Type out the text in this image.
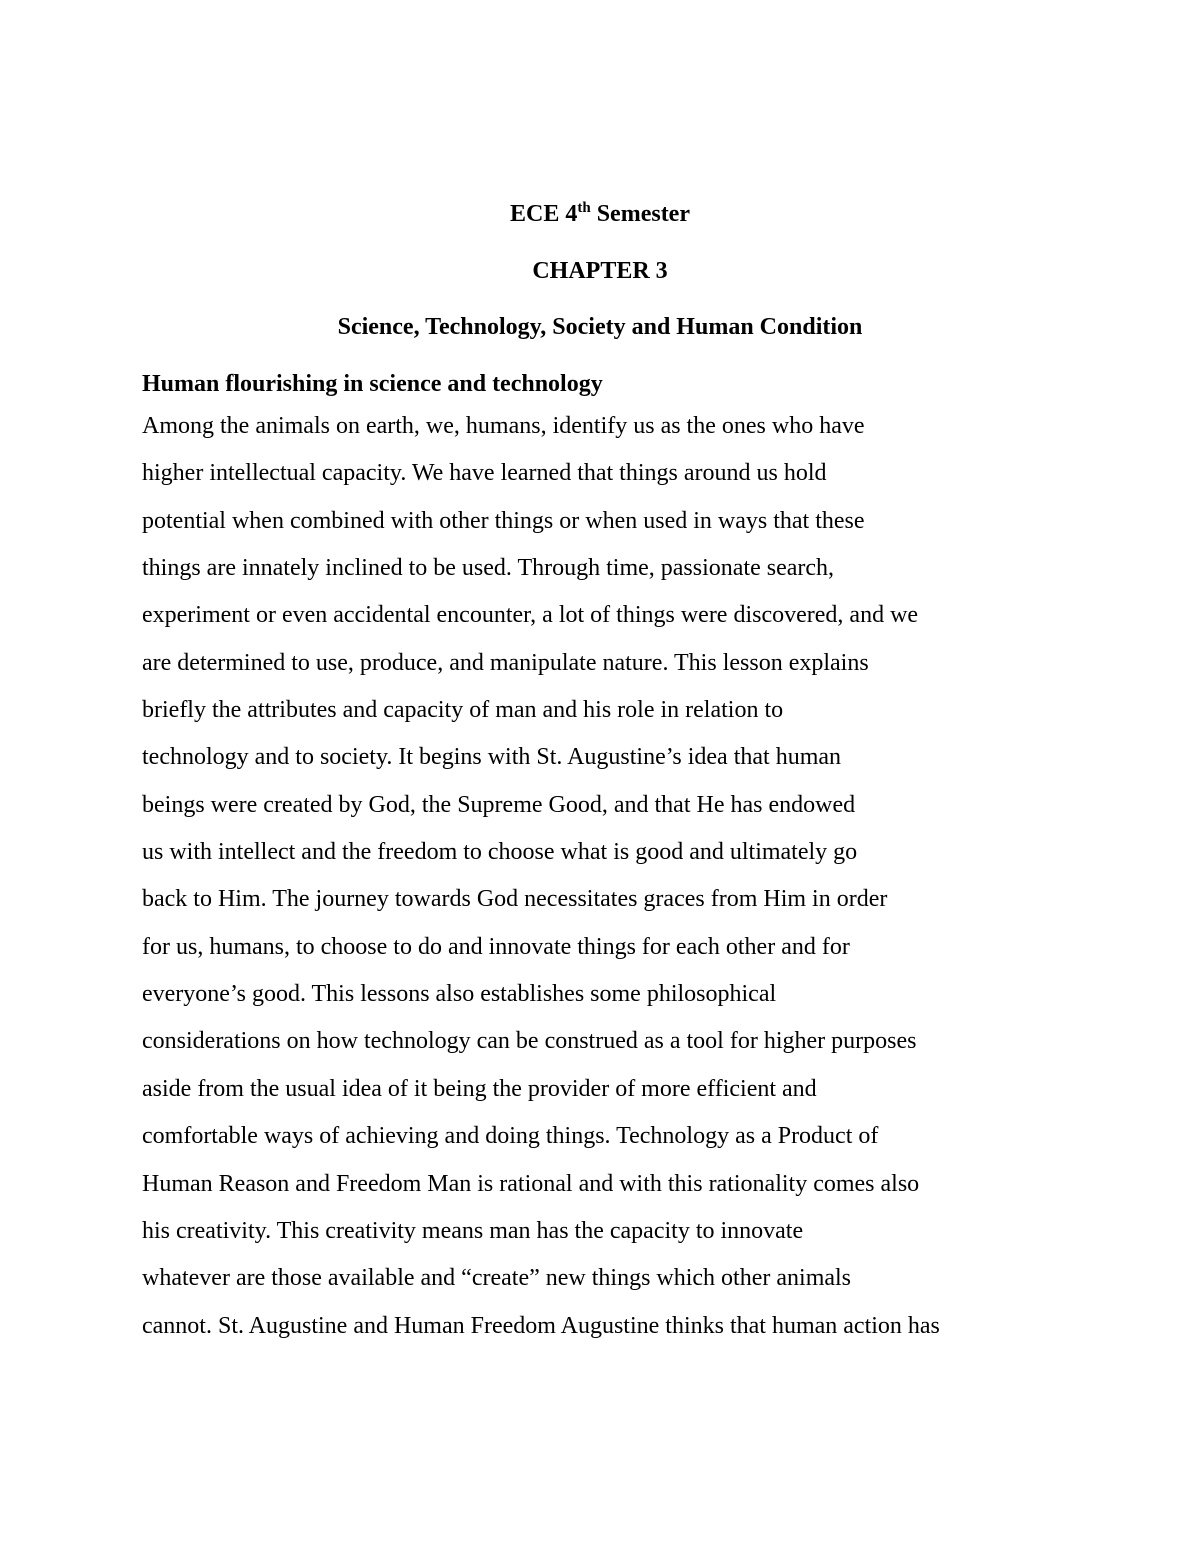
ECE 4th Semester
CHAPTER 3
Science, Technology, Society and Human Condition
Human flourishing in science and technology
Among the animals on earth, we, humans, identify us as the ones who have
higher intellectual capacity. We have learned that things around us hold
potential when combined with other things or when used in ways that these
things are innately inclined to be used. Through time, passionate search,
experiment or even accidental encounter, a lot of things were discovered, and we
are determined to use, produce, and manipulate nature. This lesson explains
briefly the attributes and capacity of man and his role in relation to
technology and to society. It begins with St. Augustine’s idea that human
beings were created by God, the Supreme Good, and that He has endowed
us with intellect and the freedom to choose what is good and ultimately go
back to Him. The journey towards God necessitates graces from Him in order
for us, humans, to choose to do and innovate things for each other and for
everyone’s good. This lessons also establishes some philosophical
considerations on how technology can be construed as a tool for higher purposes
aside from the usual idea of it being the provider of more efficient and
comfortable ways of achieving and doing things. Technology as a Product of
Human Reason and Freedom Man is rational and with this rationality comes also
his creativity. This creativity means man has the capacity to innovate
whatever are those available and “create” new things which other animals
cannot. St. Augustine and Human Freedom Augustine thinks that human action has
